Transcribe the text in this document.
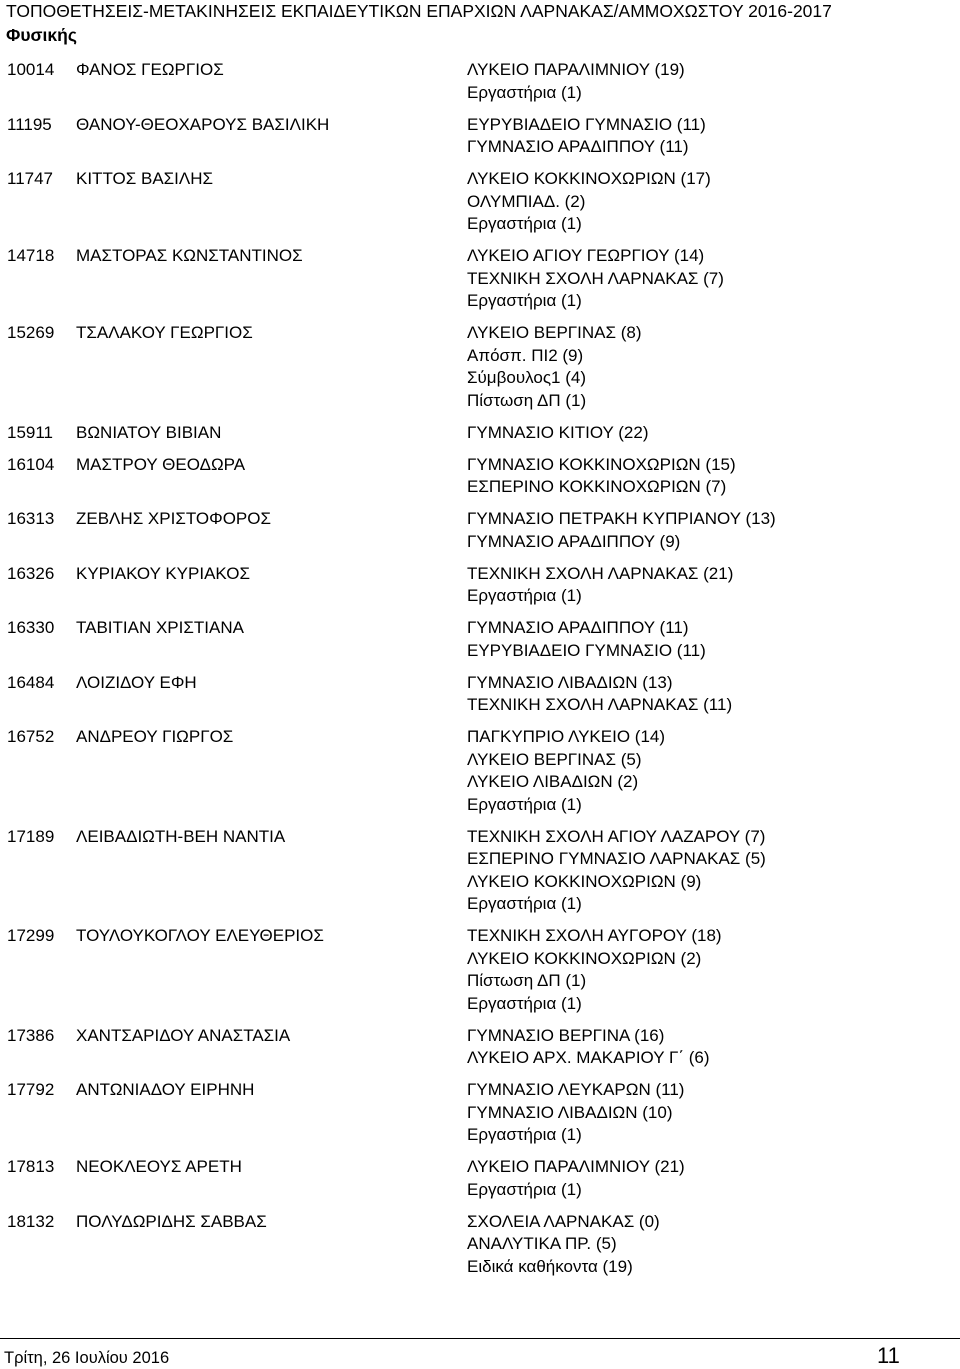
ΤΟΠΟΘΕΤΗΣΕΙΣ-ΜΕΤΑΚΙΝΗΣΕΙΣ ΕΚΠΑΙΔΕΥΤΙΚΩΝ ΕΠΑΡΧΙΩΝ ΛΑΡΝΑΚΑΣ/ΑΜΜΟΧΩΣΤΟΥ 2016-2017
Φυσικής
10014	ΦΑΝΟΣ ΓΕΩΡΓΙΟΣ	ΛΥΚΕΙΟ ΠΑΡΑΛΙΜΝΙΟΥ (19)
Εργαστήρια (1)
11195	ΘΑΝΟΥ-ΘΕΟΧΑΡΟΥΣ ΒΑΣΙΛΙΚΗ	ΕΥΡΥΒΙΑΔΕΙΟ ΓΥΜΝΑΣΙΟ (11)
ΓΥΜΝΑΣΙΟ ΑΡΑΔΙΠΠΟΥ (11)
11747	ΚΙΤΤΟΣ ΒΑΣΙΛΗΣ	ΛΥΚΕΙΟ ΚΟΚΚΙΝΟΧΩΡΙΩΝ (17)
ΟΛΥΜΠΙΑΔ. (2)
Εργαστήρια (1)
14718	ΜΑΣΤΟΡΑΣ ΚΩΝΣΤΑΝΤΙΝΟΣ	ΛΥΚΕΙΟ ΑΓΙΟΥ ΓΕΩΡΓΙΟΥ (14)
ΤΕΧΝΙΚΗ ΣΧΟΛΗ ΛΑΡΝΑΚΑΣ (7)
Εργαστήρια (1)
15269	ΤΣΑΛΑΚΟΥ ΓΕΩΡΓΙΟΣ	ΛΥΚΕΙΟ ΒΕΡΓΙΝΑΣ (8)
Απόσπ. ΠΙ2 (9)
Σύμβουλος1 (4)
Πίστωση ΔΠ (1)
15911	ΒΩΝΙΑΤΟΥ ΒΙΒΙΑΝ	ΓΥΜΝΑΣΙΟ ΚΙΤΙΟΥ (22)
16104	ΜΑΣΤΡΟΥ ΘΕΟΔΩΡΑ	ΓΥΜΝΑΣΙΟ ΚΟΚΚΙΝΟΧΩΡΙΩΝ (15)
ΕΣΠΕΡΙΝΟ ΚΟΚΚΙΝΟΧΩΡΙΩΝ (7)
16313	ΖΕΒΛΗΣ ΧΡΙΣΤΟΦΟΡΟΣ	ΓΥΜΝΑΣΙΟ ΠΕΤΡΑΚΗ ΚΥΠΡΙΑΝΟΥ (13)
ΓΥΜΝΑΣΙΟ ΑΡΑΔΙΠΠΟΥ (9)
16326	ΚΥΡΙΑΚΟΥ ΚΥΡΙΑΚΟΣ	ΤΕΧΝΙΚΗ ΣΧΟΛΗ ΛΑΡΝΑΚΑΣ (21)
Εργαστήρια (1)
16330	ΤΑΒΙΤΙΑΝ ΧΡΙΣΤΙΑΝΑ	ΓΥΜΝΑΣΙΟ ΑΡΑΔΙΠΠΟΥ (11)
ΕΥΡΥΒΙΑΔΕΙΟ ΓΥΜΝΑΣΙΟ (11)
16484	ΛΟΙΖΙΔΟΥ ΕΦΗ	ΓΥΜΝΑΣΙΟ ΛΙΒΑΔΙΩΝ (13)
ΤΕΧΝΙΚΗ ΣΧΟΛΗ ΛΑΡΝΑΚΑΣ (11)
16752	ΑΝΔΡΕΟΥ ΓΙΩΡΓΟΣ	ΠΑΓΚΥΠΡΙΟ ΛΥΚΕΙΟ (14)
ΛΥΚΕΙΟ ΒΕΡΓΙΝΑΣ (5)
ΛΥΚΕΙΟ ΛΙΒΑΔΙΩΝ (2)
Εργαστήρια (1)
17189	ΛΕΙΒΑΔΙΩΤΗ-ΒΕΗ ΝΑΝΤΙΑ	ΤΕΧΝΙΚΗ ΣΧΟΛΗ ΑΓΙΟΥ ΛΑΖΑΡΟΥ (7)
ΕΣΠΕΡΙΝΟ ΓΥΜΝΑΣΙΟ ΛΑΡΝΑΚΑΣ (5)
ΛΥΚΕΙΟ ΚΟΚΚΙΝΟΧΩΡΙΩΝ (9)
Εργαστήρια (1)
17299	ΤΟΥΛΟΥΚΟΓΛΟΥ ΕΛΕΥΘΕΡΙΟΣ	ΤΕΧΝΙΚΗ ΣΧΟΛΗ ΑΥΓΟΡΟΥ (18)
ΛΥΚΕΙΟ ΚΟΚΚΙΝΟΧΩΡΙΩΝ (2)
Πίστωση ΔΠ (1)
Εργαστήρια (1)
17386	ΧΑΝΤΣΑΡΙΔΟΥ ΑΝΑΣΤΑΣΙΑ	ΓΥΜΝΑΣΙΟ ΒΕΡΓΙΝΑ (16)
ΛΥΚΕΙΟ ΑΡΧ. ΜΑΚΑΡΙΟΥ Γ΄ (6)
17792	ΑΝΤΩΝΙΑΔΟΥ ΕΙΡΗΝΗ	ΓΥΜΝΑΣΙΟ ΛΕΥΚΑΡΩΝ (11)
ΓΥΜΝΑΣΙΟ ΛΙΒΑΔΙΩΝ (10)
Εργαστήρια (1)
17813	ΝΕΟΚΛΕΟΥΣ ΑΡΕΤΗ	ΛΥΚΕΙΟ ΠΑΡΑΛΙΜΝΙΟΥ (21)
Εργαστήρια (1)
18132	ΠΟΛΥΔΩΡΙΔΗΣ ΣΑΒΒΑΣ	ΣΧΟΛΕΙΑ ΛΑΡΝΑΚΑΣ (0)
ΑΝΑΛΥΤΙΚΑ ΠΡ. (5)
Ειδικά καθήκοντα (19)
Τρίτη, 26 Ιουλίου 2016	11
